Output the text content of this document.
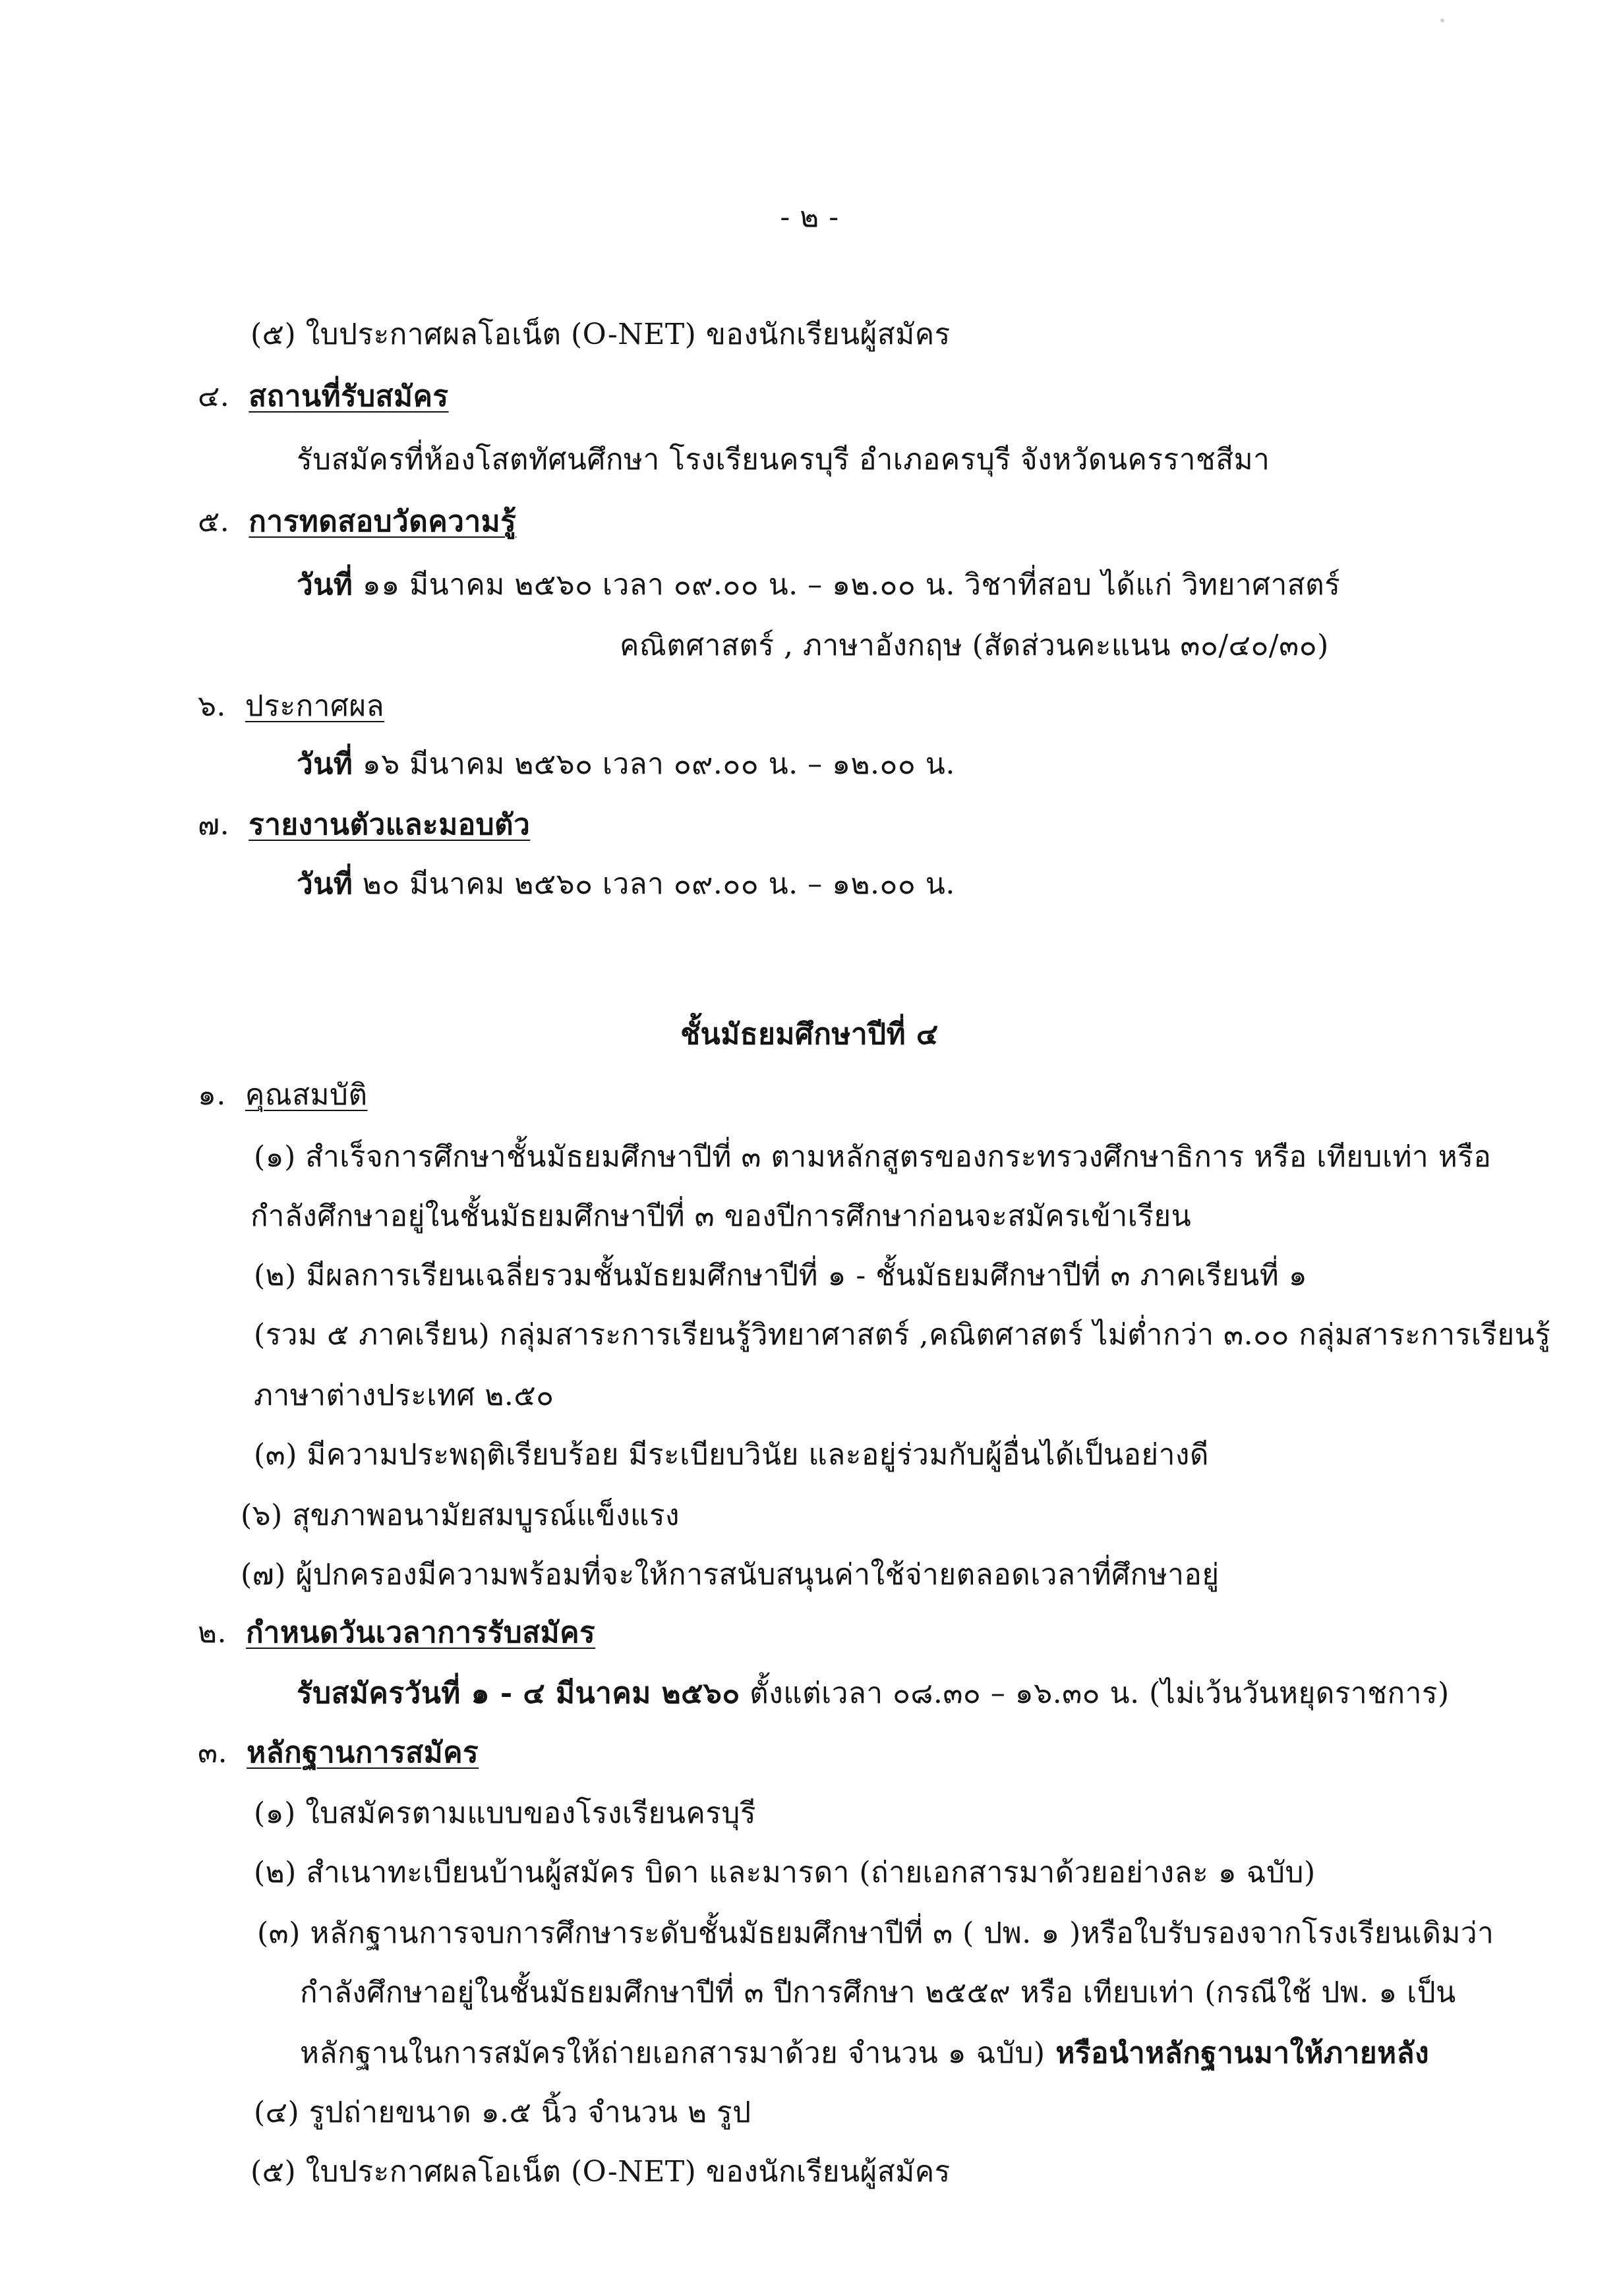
- ๒ -
(๕) ใบประกาศผลโอเน็ต (O-NET) ของนักเรียนผู้สมัคร
๔. สถานที่รับสมัคร
รับสมัครที่ห้องโสตทัศนศึกษา โรงเรียนครบุรี อำเภอครบุรี จังหวัดนครราชสีมา
๕. การทดสอบวัดความรู้
วันที่ ๑๑ มีนาคม ๒๕๖๐ เวลา ๐๙.๐๐ น. – ๑๒.๐๐ น. วิชาที่สอบ ได้แก่ วิทยาศาสตร์
คณิตศาสตร์ , ภาษาอังกฤษ (สัดส่วนคะแนน ๓๐/๔๐/๓๐)
๖. ประกาศผล
วันที่ ๑๖ มีนาคม ๒๕๖๐ เวลา ๐๙.๐๐ น. – ๑๒.๐๐ น.
๗. รายงานตัวและมอบตัว
วันที่ ๒๐ มีนาคม ๒๕๖๐ เวลา ๐๙.๐๐ น. – ๑๒.๐๐ น.
ชั้นมัธยมศึกษาปีที่ ๔
๑. คุณสมบัติ
(๑) สำเร็จการศึกษาชั้นมัธยมศึกษาปีที่ ๓ ตามหลักสูตรของกระทรวงศึกษาธิการ หรือ เทียบเท่า หรือ
กำลังศึกษาอยู่ในชั้นมัธยมศึกษาปีที่ ๓ ของปีการศึกษาก่อนจะสมัครเข้าเรียน
(๒) มีผลการเรียนเฉลี่ยรวมชั้นมัธยมศึกษาปีที่ ๑ - ชั้นมัธยมศึกษาปีที่ ๓ ภาคเรียนที่ ๑
(รวม ๕ ภาคเรียน) กลุ่มสาระการเรียนรู้วิทยาศาสตร์ ,คณิตศาสตร์ ไม่ต่ำกว่า ๓.๐๐ กลุ่มสาระการเรียนรู้
ภาษาต่างประเทศ ๒.๕๐
(๓) มีความประพฤติเรียบร้อย มีระเบียบวินัย และอยู่ร่วมกับผู้อื่นได้เป็นอย่างดี
(๖) สุขภาพอนามัยสมบูรณ์แข็งแรง
(๗) ผู้ปกครองมีความพร้อมที่จะให้การสนับสนุนค่าใช้จ่ายตลอดเวลาที่ศึกษาอยู่
๒. กำหนดวันเวลาการรับสมัคร
รับสมัครวันที่ ๑ - ๔ มีนาคม ๒๕๖๐ ตั้งแต่เวลา ๐๘.๓๐ – ๑๖.๓๐ น. (ไม่เว้นวันหยุดราชการ)
๓. หลักฐานการสมัคร
(๑) ใบสมัครตามแบบของโรงเรียนครบุรี
(๒) สำเนาทะเบียนบ้านผู้สมัคร บิดา และมารดา (ถ่ายเอกสารมาด้วยอย่างละ ๑ ฉบับ)
(๓) หลักฐานการจบการศึกษาระดับชั้นมัธยมศึกษาปีที่ ๓ ( ปพ. ๑ )หรือใบรับรองจากโรงเรียนเดิมว่า
กำลังศึกษาอยู่ในชั้นมัธยมศึกษาปีที่ ๓ ปีการศึกษา ๒๕๕๙ หรือ เทียบเท่า (กรณีใช้ ปพ. ๑ เป็น
หลักฐานในการสมัครให้ถ่ายเอกสารมาด้วย จำนวน ๑ ฉบับ) หรือนำหลักฐานมาให้ภายหลัง
(๔) รูปถ่ายขนาด ๑.๕ นิ้ว จำนวน ๒ รูป
(๕) ใบประกาศผลโอเน็ต (O-NET) ของนักเรียนผู้สมัคร
